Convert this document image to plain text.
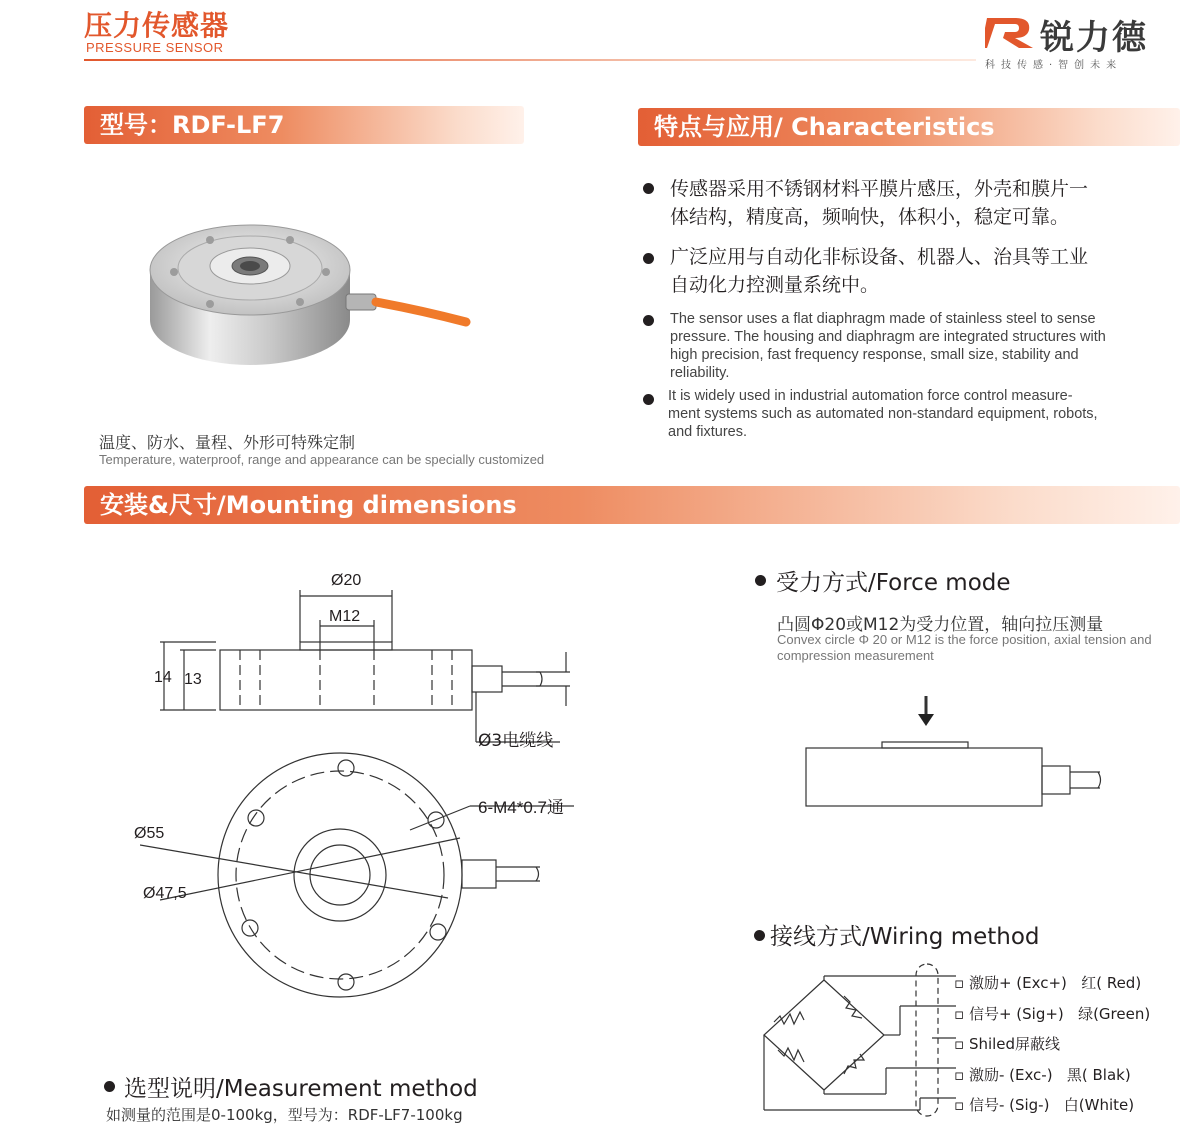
压力传感器
PRESSURE SENSOR	锐力德
科技传感·智创未来
型号：RDF-LF7
温度、防水、量程、外形可特殊定制
Temperature, waterproof, range and appearance can be specially customized
特点与应用/ Characteristics
传感器采用不锈钢材料平膜片感压，外壳和膜片一
体结构，精度高，频响快，体积小，稳定可靠。
广泛应用与自动化非标设备、机器人、治具等工业
自动化力控测量系统中。
The sensor uses a flat diaphragm made of stainless steel to sense
pressure. The housing and diaphragm are integrated structures with
high precision, fast frequency response, small size, stability and
reliability.
It is widely used in industrial automation force control measure-
ment systems such as automated non-standard equipment, robots,
and fixtures.
安装&尺寸/Mounting dimensions
Ø20
M12
14 13
Ø3电缆线
6-M4*0.7通
Ø55
Ø47,5
受力方式/Force mode
凸圆Φ20或M12为受力位置，轴向拉压测量
Convex circle Φ 20 or M12 is the force position, axial tension and
compression measurement
接线方式/Wiring method
▫ 激励+ (Exc+) 红( Red)
▫ 信号+ (Sig+) 绿(Green)
▫ Shiled屏蔽线
▫ 激励- (Exc-) 黑( Blak)
▫ 信号- (Sig-) 白(White)
选型说明/Measurement method
如测量的范围是0-100kg，型号为：RDF-LF7-100kg
